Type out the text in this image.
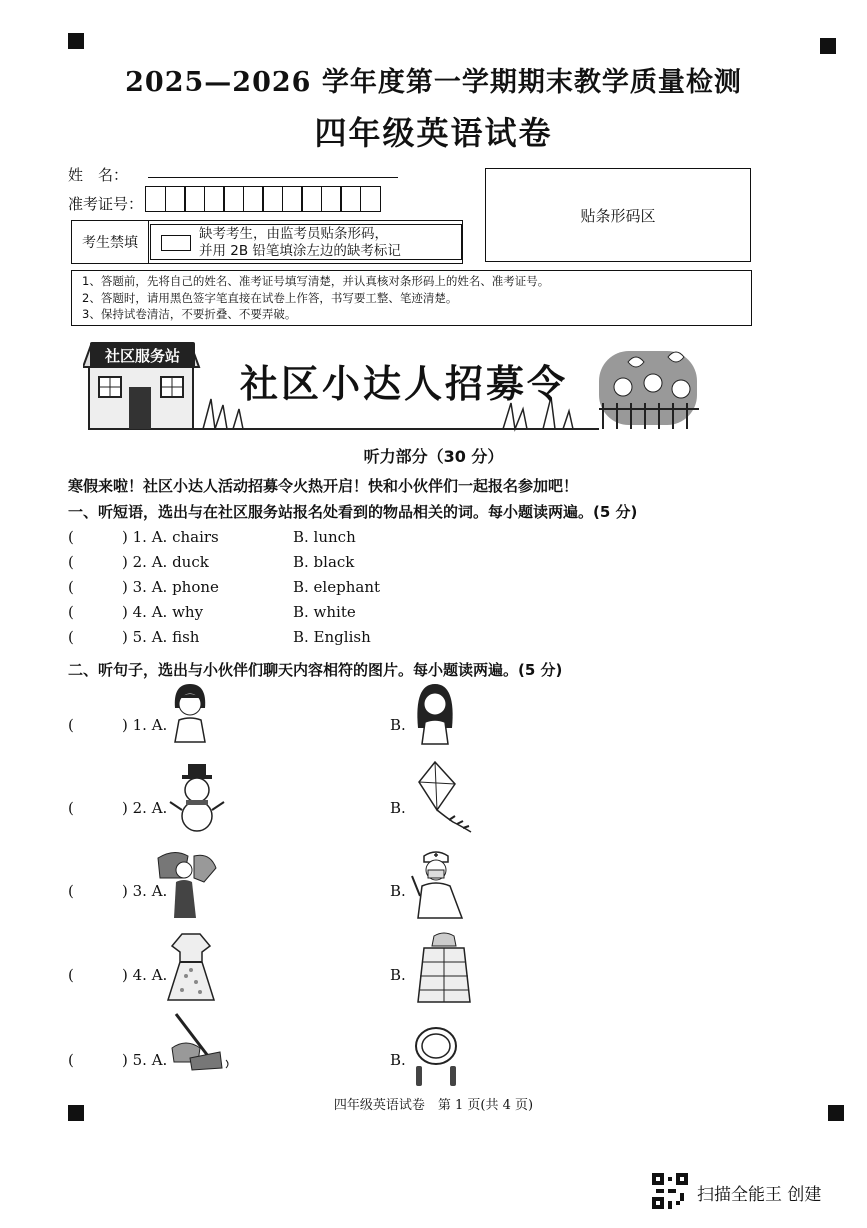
2025—2026 学年度第一学期期末教学质量检测
四年级英语试卷
姓　名：
准考证号：
贴条形码区
考生禁填
缺考考生，由监考员贴条形码，
并用 2B 铅笔填涂左边的缺考标记
1、答题前，先将自己的姓名、准考证号填写清楚，并认真核对条形码上的姓名、准考证号。
2、答题时，请用黑色签字笔直接在试卷上作答，书写要工整、笔迹清楚。
3、保持试卷清洁，不要折叠、不要弄破。
社区服务站
社区小达人招募令
听力部分（30 分）
寒假来啦！社区小达人活动招募令火热开启！快和小伙伴们一起报名参加吧！
一、听短语，选出与在社区服务站报名处看到的物品相关的词。每小题读两遍。(5 分)
(	) 1. A. chairs	B. lunch
(	) 2. A. duck	B. black
(	) 3. A. phone	B. elephant
(	) 4. A. why	B. white
(	) 5. A. fish	B. English
二、听句子，选出与小伙伴们聊天内容相符的图片。每小题读两遍。(5 分)
(	) 1. A.	B.
(	) 2. A.	B.
(	) 3. A.	B.
(	) 4. A.	B.
(	) 5. A.	B.
四年级英语试卷　第 1 页(共 4 页)
扫描全能王 创建
